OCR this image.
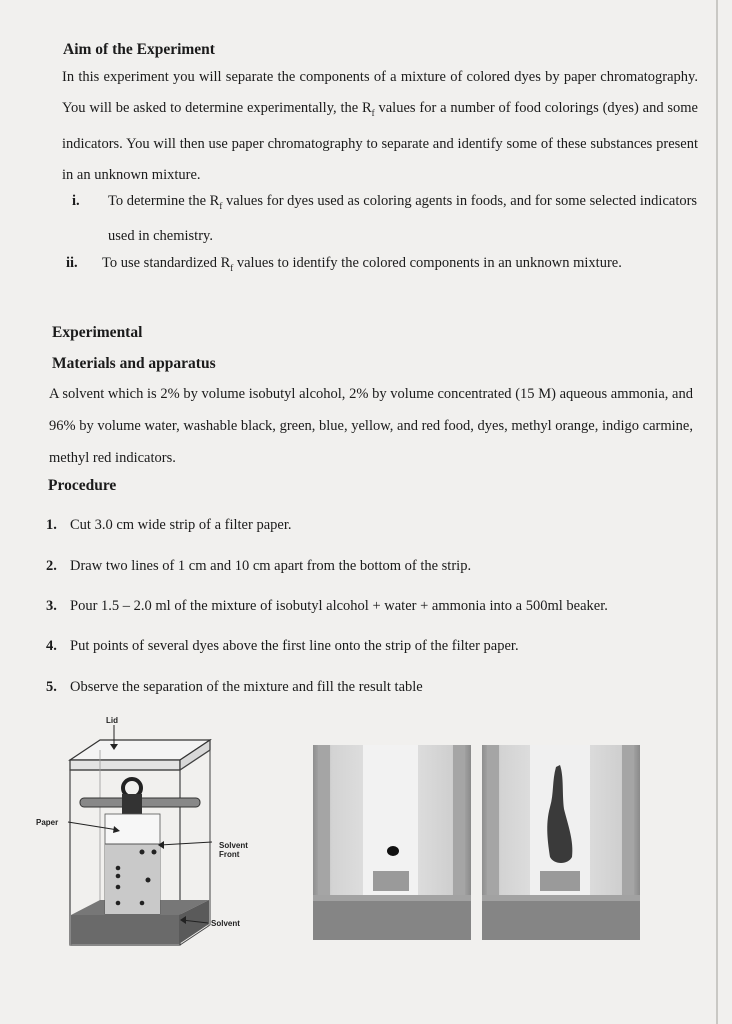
Aim of the Experiment
In this experiment you will separate the components of a mixture of colored dyes by paper chromatography. You will be asked to determine experimentally, the $R_f$ values for a number of food colorings (dyes) and some indicators. You will then use paper chromatography to separate and identify some of these substances present in an unknown mixture.
i.	To determine the $R_f$ values for dyes used as coloring agents in foods, and for some selected indicators used in chemistry.
ii.	To use standardized $R_f$ values to identify the colored components in an unknown mixture.
Experimental
Materials and apparatus
A solvent which is 2% by volume isobutyl alcohol, 2% by volume concentrated (15 M) aqueous ammonia, and 96% by volume water, washable black, green, blue, yellow, and red food, dyes, methyl orange, indigo carmine, methyl red indicators.
Procedure
1. Cut 3.0 cm wide strip of a filter paper.
2. Draw two lines of 1 cm and 10 cm apart from the bottom of the strip.
3. Pour 1.5 – 2.0 ml of the mixture of isobutyl alcohol + water + ammonia into a 500ml beaker.
4. Put points of several dyes above the first line onto the strip of the filter paper.
5. Observe the separation of the mixture and fill the result table
Lid
Paper
Solvent
Front
Solvent
